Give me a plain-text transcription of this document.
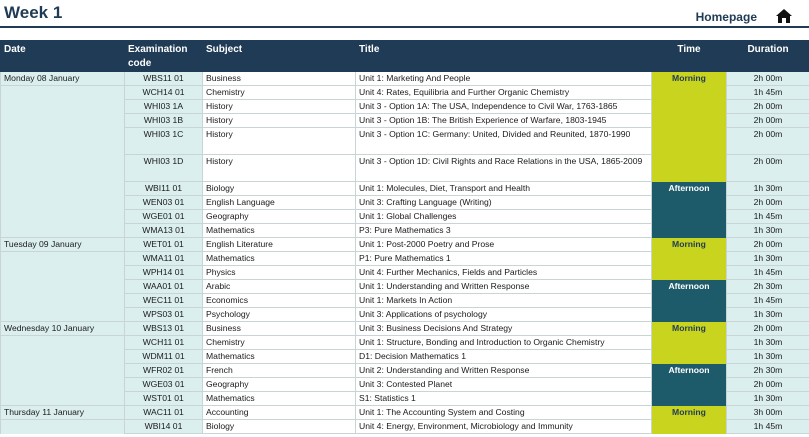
Week 1	Homepage
Date	Examination code	Subject	Title	Time	Duration
Monday 08 January	WBS11 01	Business	Unit 1: Marketing And People	Morning	2h 00m
	WCH14 01	Chemistry	Unit 4: Rates, Equilibria and Further Organic Chemistry		1h 45m
	WHI03 1A	History	Unit 3 - Option 1A: The USA, Independence to Civil War, 1763-1865		2h 00m
	WHI03 1B	History	Unit 3 - Option 1B: The British Experience of Warfare, 1803-1945		2h 00m
	WHI03 1C	History	Unit 3 - Option 1C: Germany: United, Divided and Reunited, 1870-1990		2h 00m
	WHI03 1D	History	Unit 3 - Option 1D: Civil Rights and Race Relations in the USA, 1865-2009		2h 00m
	WBI11 01	Biology	Unit 1: Molecules, Diet, Transport and Health	Afternoon	1h 30m
	WEN03 01	English Language	Unit 3: Crafting Language (Writing)		2h 00m
	WGE01 01	Geography	Unit 1: Global Challenges		1h 45m
	WMA13 01	Mathematics	P3: Pure Mathematics 3		1h 30m
Tuesday 09 January	WET01 01	English Literature	Unit 1: Post-2000 Poetry and Prose	Morning	2h 00m
	WMA11 01	Mathematics	P1: Pure Mathematics 1		1h 30m
	WPH14 01	Physics	Unit 4: Further Mechanics, Fields and Particles		1h 45m
	WAA01 01	Arabic	Unit 1: Understanding and Written Response	Afternoon	2h 30m
	WEC11 01	Economics	Unit 1: Markets In Action		1h 45m
	WPS03 01	Psychology	Unit 3: Applications of psychology		1h 30m
Wednesday 10 January	WBS13 01	Business	Unit 3: Business Decisions And Strategy	Morning	2h 00m
	WCH11 01	Chemistry	Unit 1: Structure, Bonding and Introduction to Organic Chemistry		1h 30m
	WDM11 01	Mathematics	D1: Decision Mathematics 1		1h 30m
	WFR02 01	French	Unit 2: Understanding and Written Response	Afternoon	2h 30m
	WGE03 01	Geography	Unit 3: Contested Planet		2h 00m
	WST01 01	Mathematics	S1: Statistics 1		1h 30m
Thursday 11 January	WAC11 01	Accounting	Unit 1: The Accounting System and Costing	Morning	3h 00m
	WBI14 01	Biology	Unit 4: Energy, Environment, Microbiology and Immunity		1h 45m
